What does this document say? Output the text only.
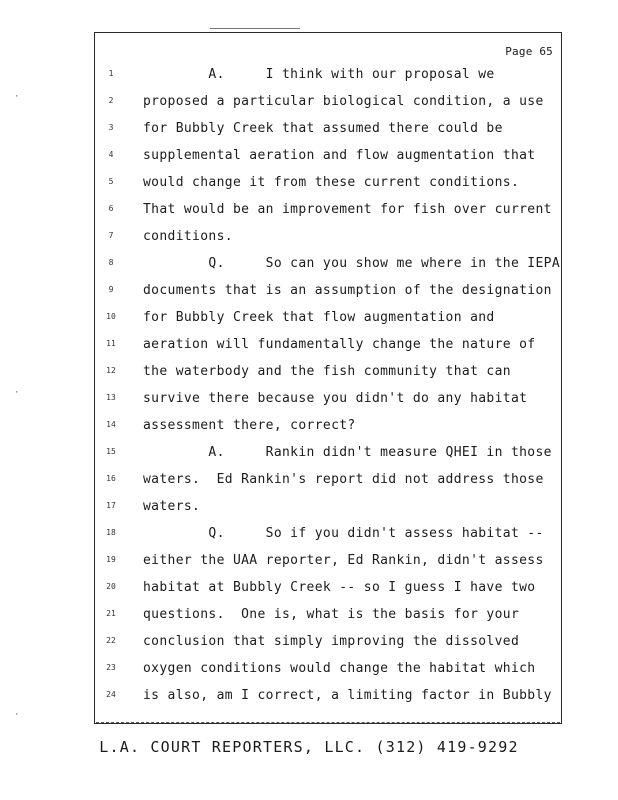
Page 65
1	A.     I think with our proposal we
2	proposed a particular biological condition, a use
3	for Bubbly Creek that assumed there could be
4	supplemental aeration and flow augmentation that
5	would change it from these current conditions.
6	That would be an improvement for fish over current
7	conditions.
8	Q.     So can you show me where in the IEPA
9	documents that is an assumption of the designation
10	for Bubbly Creek that flow augmentation and
11	aeration will fundamentally change the nature of
12	the waterbody and the fish community that can
13	survive there because you didn't do any habitat
14	assessment there, correct?
15	A.     Rankin didn't measure QHEI in those
16	waters.  Ed Rankin's report did not address those
17	waters.
18	Q.     So if you didn't assess habitat --
19	either the UAA reporter, Ed Rankin, didn't assess
20	habitat at Bubbly Creek -- so I guess I have two
21	questions.  One is, what is the basis for your
22	conclusion that simply improving the dissolved
23	oxygen conditions would change the habitat which
24	is also, am I correct, a limiting factor in Bubbly
·
·
·
L.A. COURT REPORTERS, LLC. (312) 419-9292
